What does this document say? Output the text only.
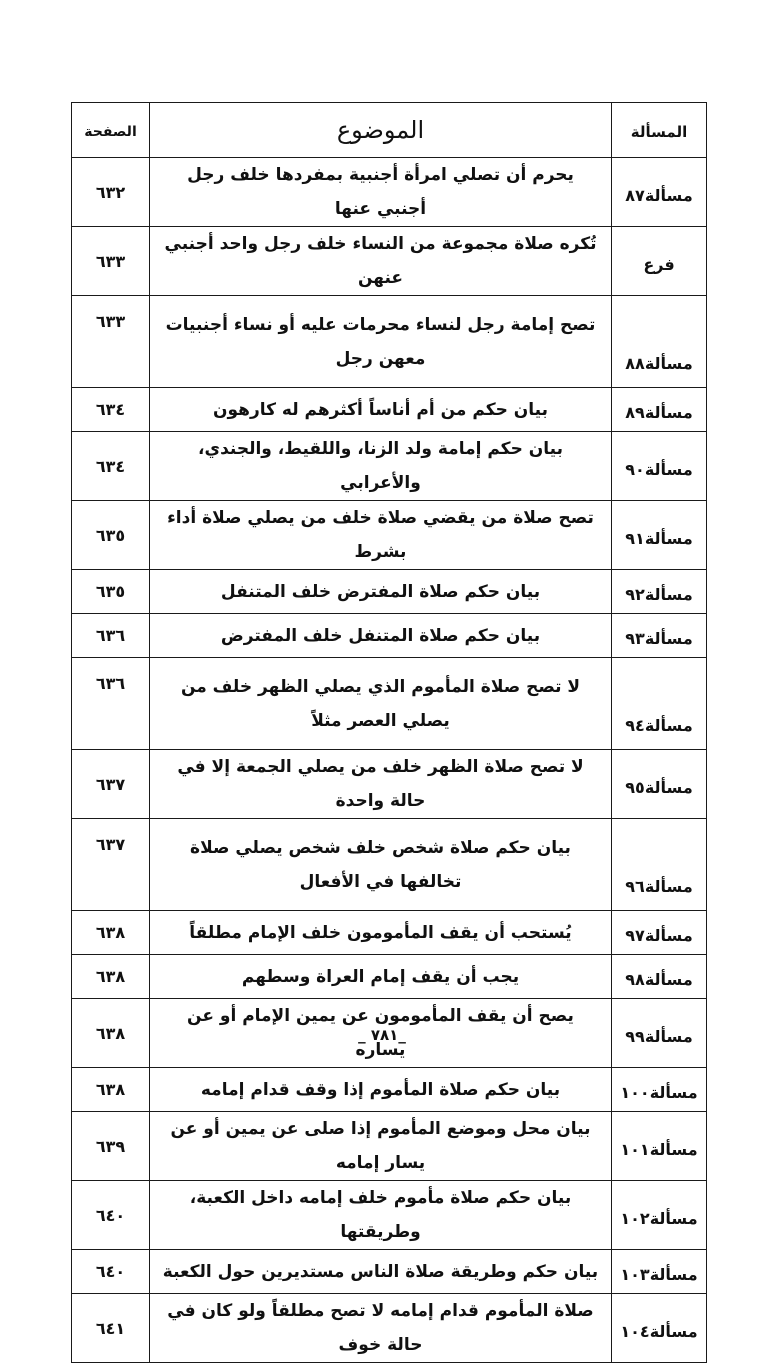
المسألة	الموضوع	الصفحة
مسألة٨٧	يحرم أن تصلي امرأة أجنبية بمفردها خلف رجل أجنبي عنها	٦٣٢
فرع	تُكره صلاة مجموعة من النساء خلف رجل واحد أجنبي عنهن	٦٣٣
مسألة٨٨	تصح إمامة رجل لنساء محرمات عليه أو نساء أجنبيات معهن رجل	٦٣٣
مسألة٨٩	بيان حكم من أم أناساً أكثرهم له كارهون	٦٣٤
مسألة٩٠	بيان حكم إمامة ولد الزنا، واللقيط، والجندي، والأعرابي	٦٣٤
مسألة٩١	تصح صلاة من يقضي صلاة خلف من يصلي صلاة أداء بشرط	٦٣٥
مسألة٩٢	بيان حكم صلاة المفترض خلف المتنفل	٦٣٥
مسألة٩٣	بيان حكم صلاة المتنفل خلف المفترض	٦٣٦
مسألة٩٤	لا تصح صلاة المأموم الذي يصلي الظهر خلف من يصلي العصر مثلاً	٦٣٦
مسألة٩٥	لا تصح صلاة الظهر خلف من يصلي الجمعة إلا في حالة واحدة	٦٣٧
مسألة٩٦	بيان حكم صلاة شخص خلف شخص يصلي صلاة تخالفها في الأفعال	٦٣٧
مسألة٩٧	يُستحب أن يقف المأمومون خلف الإمام مطلقاً	٦٣٨
مسألة٩٨	يجب أن يقف إمام العراة وسطهم	٦٣٨
مسألة٩٩	يصح أن يقف المأمومون عن يمين الإمام أو عن يساره	٦٣٨
مسألة١٠٠	بيان حكم صلاة المأموم إذا وقف قدام إمامه	٦٣٨
مسألة١٠١	بيان محل وموضع المأموم إذا صلى عن يمين أو عن يسار إمامه	٦٣٩
مسألة١٠٢	بيان حكم صلاة مأموم خلف إمامه داخل الكعبة، وطريقتها	٦٤٠
مسألة١٠٣	بيان حكم وطريقة صلاة الناس مستديرين حول الكعبة	٦٤٠
مسألة١٠٤	صلاة المأموم قدام إمامه لا تصح مطلقاً ولو كان في حالة خوف	٦٤١
_٧٨١ _
